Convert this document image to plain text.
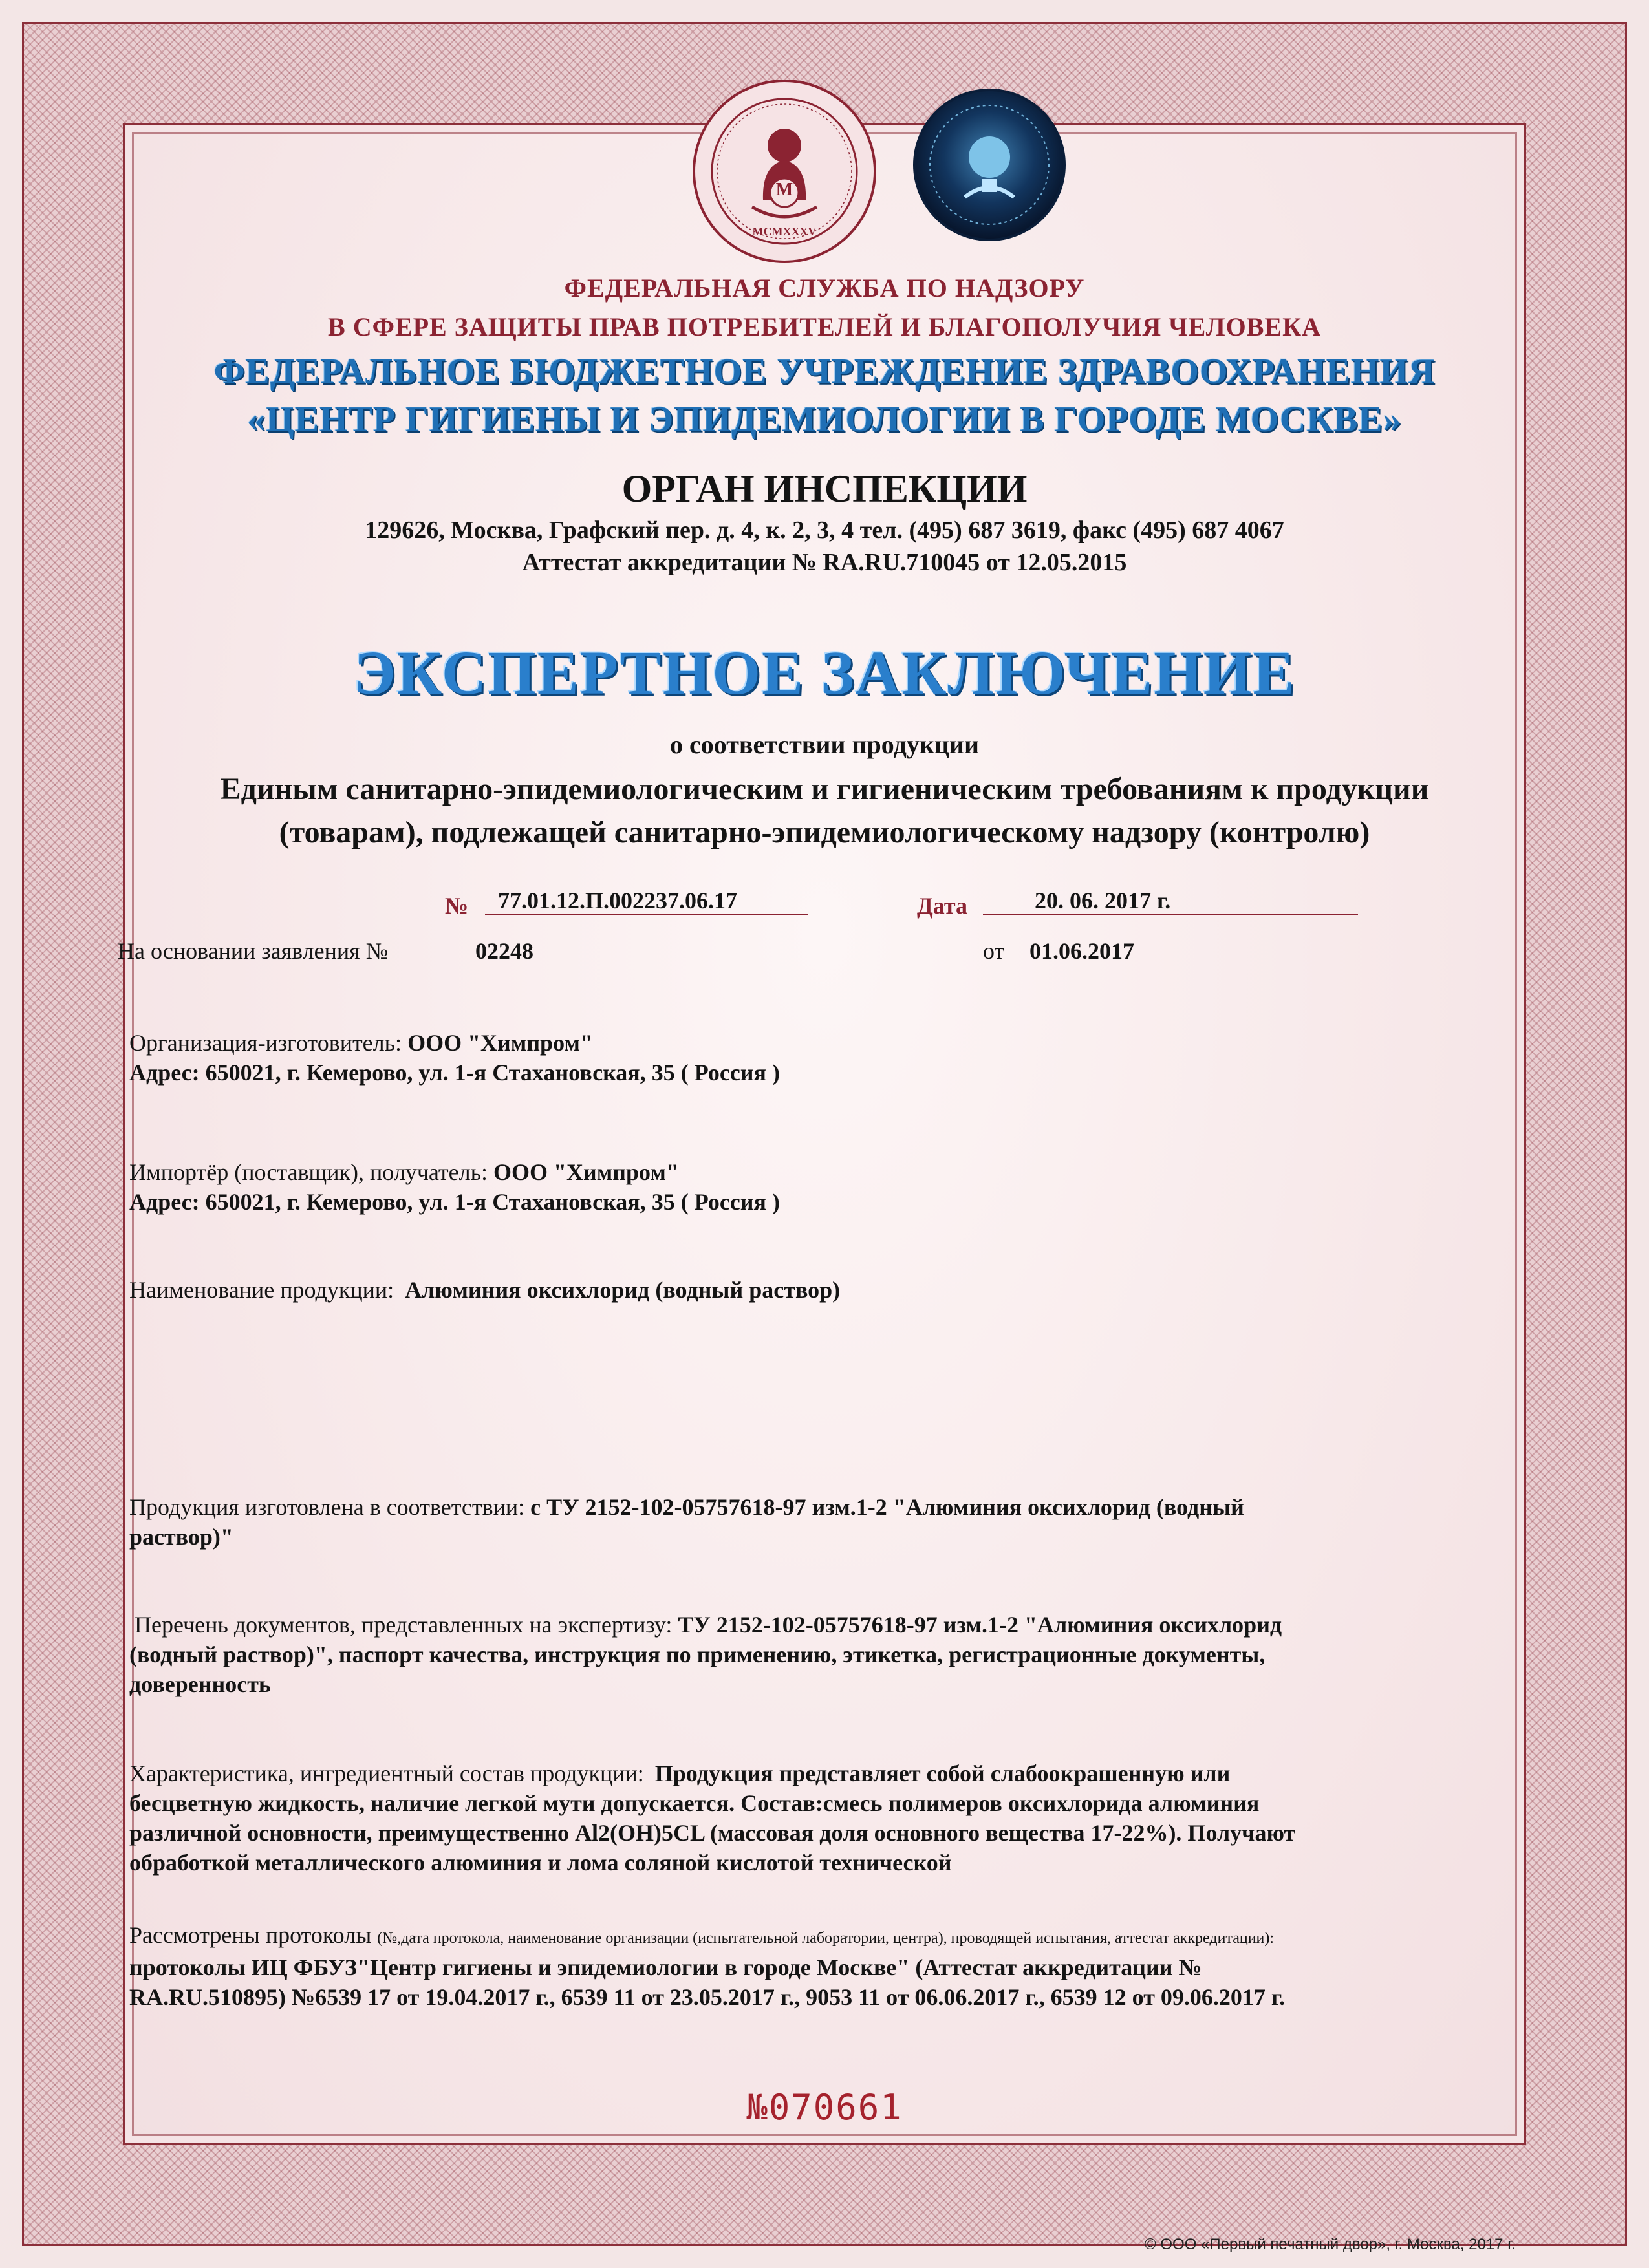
M
MCMXXXV
ФЕДЕРАЛЬНАЯ СЛУЖБА ПО НАДЗОРУ
В СФЕРЕ ЗАЩИТЫ ПРАВ ПОТРЕБИТЕЛЕЙ И БЛАГОПОЛУЧИЯ ЧЕЛОВЕКА
ФЕДЕРАЛЬНОЕ БЮДЖЕТНОЕ УЧРЕЖДЕНИЕ ЗДРАВООХРАНЕНИЯ
«ЦЕНТР ГИГИЕНЫ И ЭПИДЕМИОЛОГИИ В ГОРОДЕ МОСКВЕ»
ОРГАН ИНСПЕКЦИИ
129626, Москва, Графский пер. д. 4, к. 2, 3, 4 тел. (495) 687 3619, факс (495) 687 4067
Аттестат аккредитации № RA.RU.710045 от 12.05.2015
ЭКСПЕРТНОЕ ЗАКЛЮЧЕНИЕ
о соответствии продукции
Единым санитарно-эпидемиологическим и гигиеническим требованиям к продукции
(товарам), подлежащей санитарно-эпидемиологическому надзору (контролю)
№	77.01.12.П.002237.06.17	Дата	20. 06. 2017 г.
На основании заявления №	02248	от 01.06.2017
Организация-изготовитель: ООО "Химпром"
Адрес: 650021, г. Кемерово, ул. 1-я Стахановская, 35 ( Россия )
Импортёр (поставщик), получатель: ООО "Химпром"
Адрес: 650021, г. Кемерово, ул. 1-я Стахановская, 35 ( Россия )
Наименование продукции: Алюминия оксихлорид (водный раствор)
Продукция изготовлена в соответствии: с ТУ 2152-102-05757618-97 изм.1-2 "Алюминия оксихлорид (водный
раствор)"
Перечень документов, представленных на экспертизу: ТУ 2152-102-05757618-97 изм.1-2 "Алюминия оксихлорид
(водный раствор)", паспорт качества, инструкция по применению, этикетка, регистрационные документы,
доверенность
Характеристика, ингредиентный состав продукции: Продукция представляет собой слабоокрашенную или
бесцветную жидкость, наличие легкой мути допускается. Состав:смесь полимеров оксихлорида алюминия
различной основности, преимущественно Al2(OH)5CL (массовая доля основного вещества 17-22%). Получают
обработкой металлического алюминия и лома соляной кислотой технической
Рассмотрены протоколы (№,дата протокола, наименование организации (испытательной лаборатории, центра), проводящей испытания, аттестат аккредитации):
протоколы ИЦ ФБУЗ"Центр гигиены и эпидемиологии в городе Москве" (Аттестат аккредитации №
RA.RU.510895) №6539 17 от 19.04.2017 г., 6539 11 от 23.05.2017 г., 9053 11 от 06.06.2017 г., 6539 12 от 09.06.2017 г.
№070661
© ООО «Первый печатный двор», г. Москва, 2017 г.
